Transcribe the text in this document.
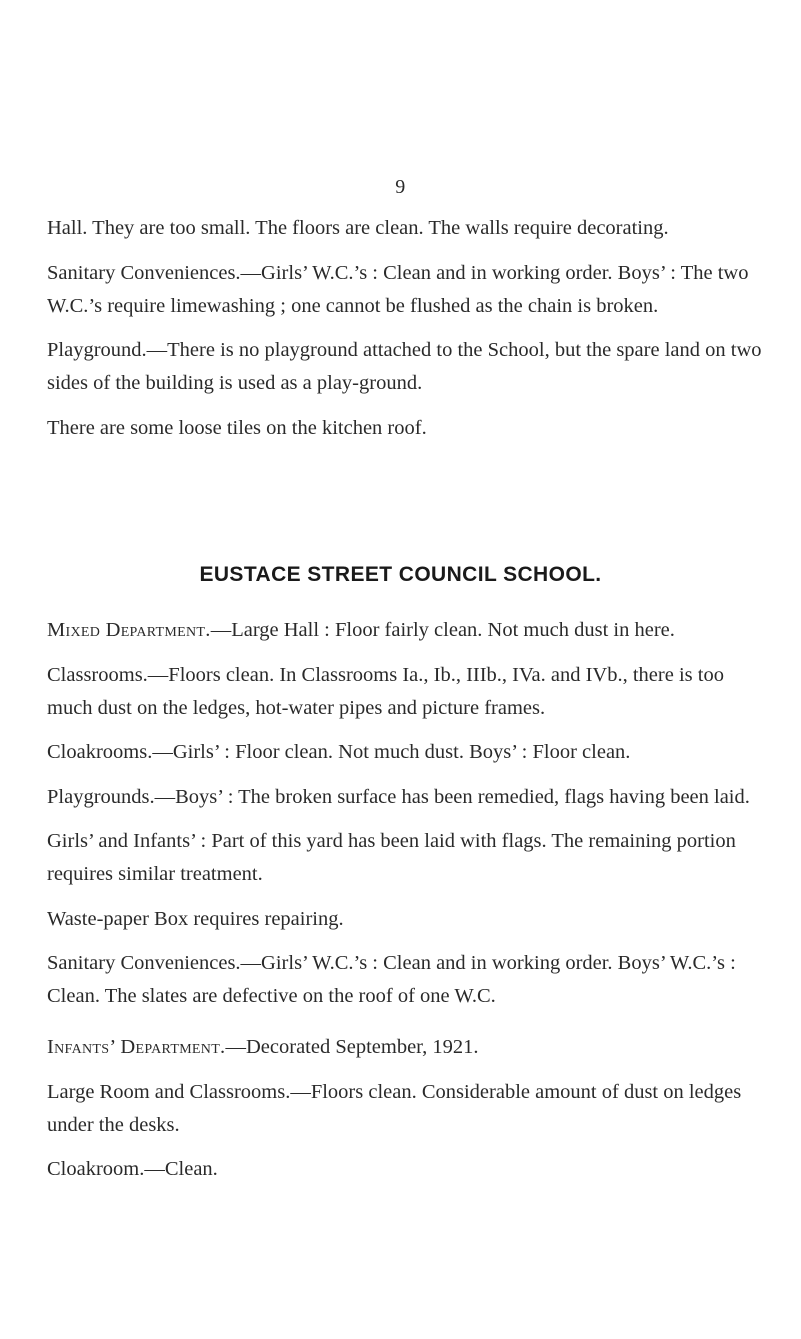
9

Hall. They are too small. The floors are clean. The walls require decorating.

Sanitary Conveniences.—Girls’ W.C.’s : Clean and in working order. Boys’ : The two W.C.’s require limewashing ; one cannot be flushed as the chain is broken.

Playground.—There is no playground attached to the School, but the spare land on two sides of the building is used as a play-ground.

There are some loose tiles on the kitchen roof.

EUSTACE STREET COUNCIL SCHOOL.

Mixed Department.—Large Hall : Floor fairly clean. Not much dust in here.

Classrooms.—Floors clean. In Classrooms Ia., Ib., IIIb., IVa. and IVb., there is too much dust on the ledges, hot-water pipes and picture frames.

Cloakrooms.—Girls’ : Floor clean. Not much dust. Boys’ : Floor clean.

Playgrounds.—Boys’ : The broken surface has been remedied, flags having been laid.

Girls’ and Infants’ : Part of this yard has been laid with flags. The remaining portion requires similar treatment.

Waste-paper Box requires repairing.

Sanitary Conveniences.—Girls’ W.C.’s : Clean and in working order. Boys’ W.C.’s : Clean. The slates are defective on the roof of one W.C.

Infants’ Department.—Decorated September, 1921.

Large Room and Classrooms.—Floors clean. Considerable amount of dust on ledges under the desks.

Cloakroom.—Clean.
